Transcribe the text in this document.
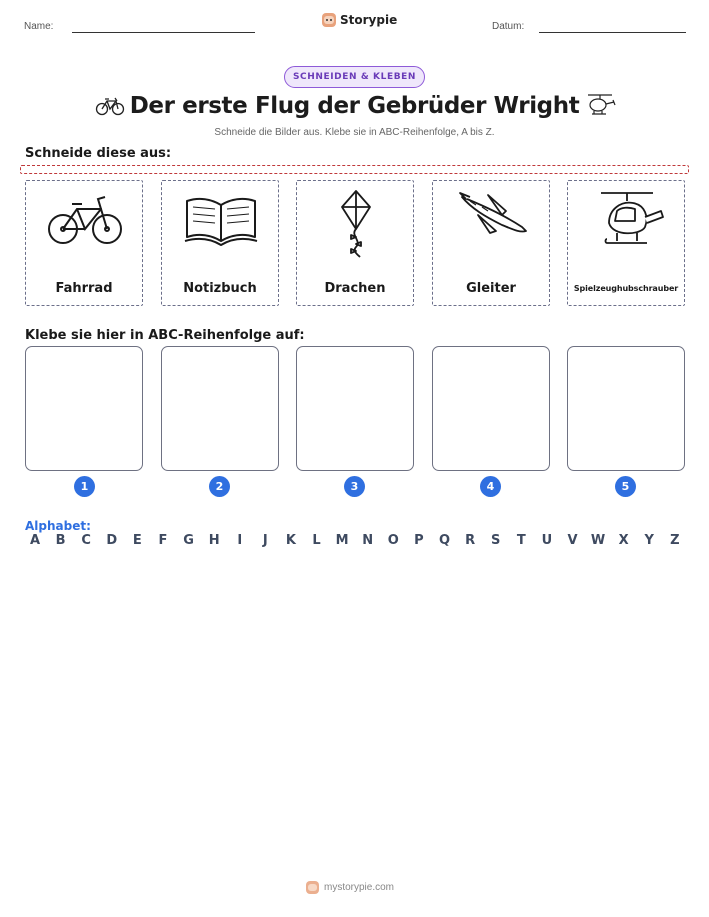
Name:	Storypie	Datum:
SCHNEIDEN & KLEBEN
Der erste Flug der Gebrüder Wright
Schneide die Bilder aus. Klebe sie in ABC-Reihenfolge, A bis Z.
Schneide diese aus:
Fahrrad	Notizbuch	Drachen	Gleiter	Spielzeughubschrauber
Klebe sie hier in ABC-Reihenfolge auf:
1	2	3	4	5
Alphabet:
A	B	C	D	E	F	G	H	I	J	K	L	M	N	O	P	Q	R	S	T	U	V	W	X	Y	Z
mystorypie.com
